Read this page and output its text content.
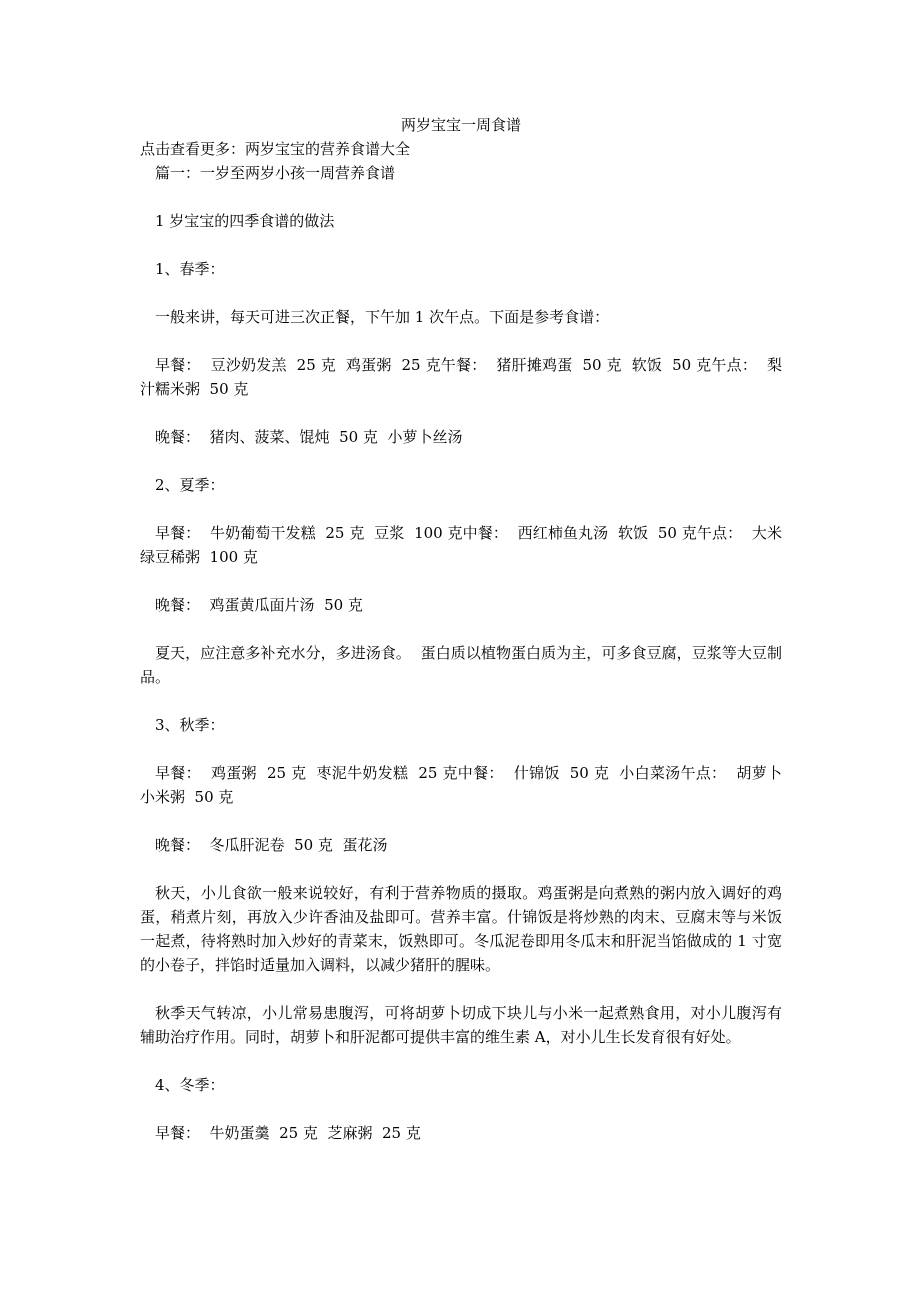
两岁宝宝一周食谱

点击查看更多：两岁宝宝的营养食谱大全

篇一：一岁至两岁小孩一周营养食谱

1 岁宝宝的四季食谱的做法

1、春季：

一般来讲，每天可进三次正餐，下午加 1 次午点。下面是参考食谱：

早餐：  豆沙奶发羔  25 克  鸡蛋粥  25 克午餐：  猪肝摊鸡蛋  50 克  软饭  50 克午点：  梨汁糯米粥  50 克

晚餐：  猪肉、菠菜、馄炖  50 克  小萝卜丝汤

2、夏季：

早餐：  牛奶葡萄干发糕  25 克  豆浆  100 克中餐：  西红柿鱼丸汤  软饭  50 克午点：  大米绿豆稀粥  100 克

晚餐：  鸡蛋黄瓜面片汤  50 克

夏天，应注意多补充水分，多进汤食。  蛋白质以植物蛋白质为主，可多食豆腐，豆浆等大豆制品。

3、秋季：

早餐：  鸡蛋粥  25 克  枣泥牛奶发糕  25 克中餐：  什锦饭  50 克  小白菜汤午点：  胡萝卜小米粥  50 克

晚餐：  冬瓜肝泥卷  50 克  蛋花汤

秋天，小儿食欲一般来说较好，有利于营养物质的摄取。鸡蛋粥是向煮熟的粥内放入调好的鸡蛋，稍煮片刻，再放入少许香油及盐即可。营养丰富。什锦饭是将炒熟的肉末、豆腐末等与米饭一起煮，待将熟时加入炒好的青菜末，饭熟即可。冬瓜泥卷即用冬瓜末和肝泥当馅做成的 1 寸宽的小卷子，拌馅时适量加入调料，以减少猪肝的腥味。

秋季天气转凉，小儿常易患腹泻，可将胡萝卜切成下块儿与小米一起煮熟食用，对小儿腹泻有辅助治疗作用。同时，胡萝卜和肝泥都可提供丰富的维生素 A，对小儿生长发育很有好处。

4、冬季：

早餐：  牛奶蛋羹  25 克  芝麻粥  25 克
